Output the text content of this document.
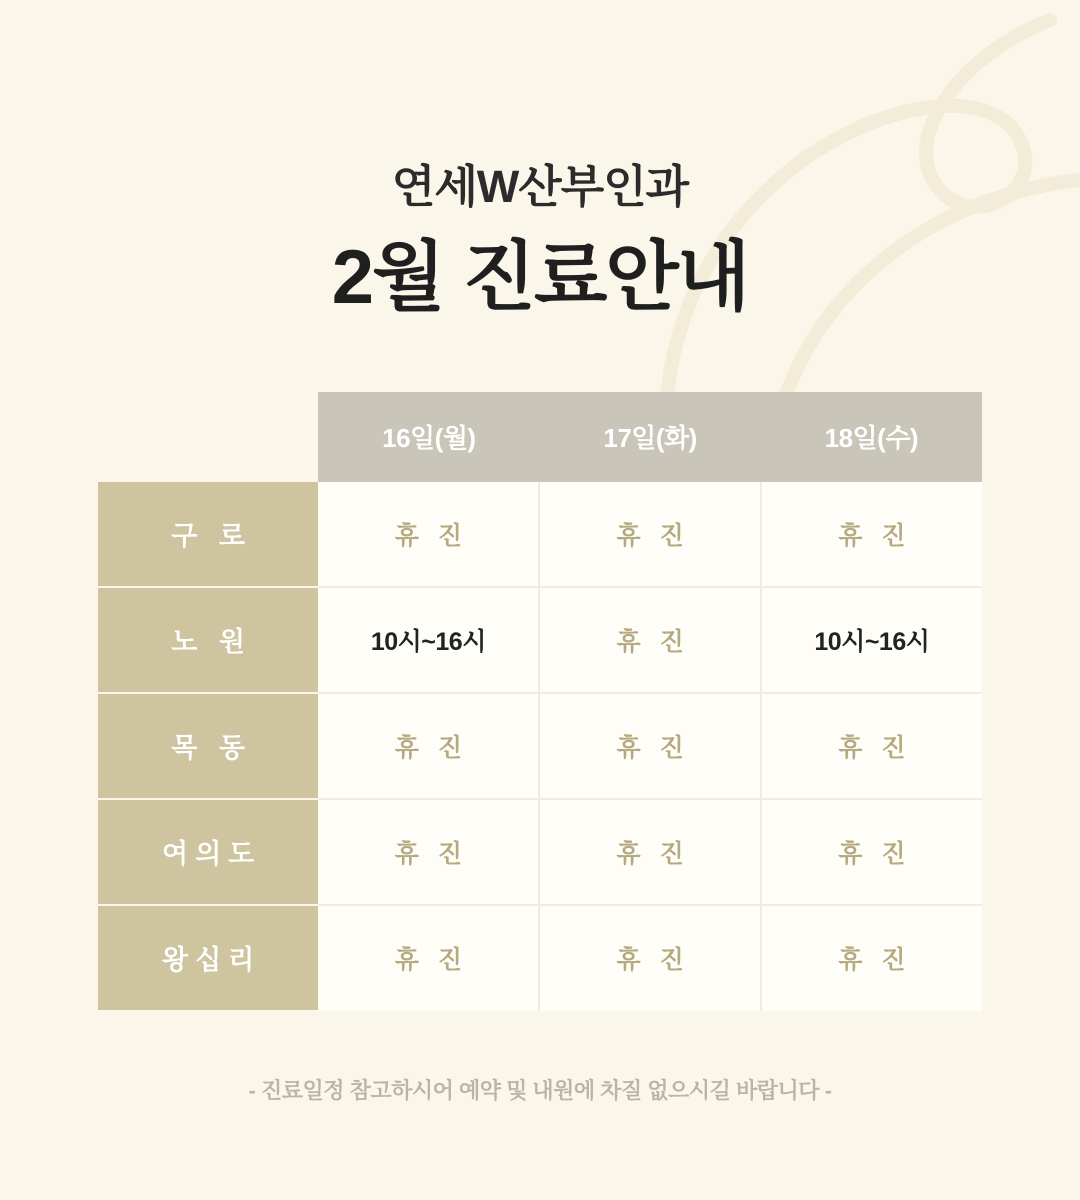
연세W산부인과
2월 진료안내
	16일(월)	17일(화)	18일(수)
구 로	휴 진	휴 진	휴 진
노 원	10시~16시	휴 진	10시~16시
목 동	휴 진	휴 진	휴 진
여의도	휴 진	휴 진	휴 진
왕십리	휴 진	휴 진	휴 진
- 진료일정 참고하시어 예약 및 내원에 차질 없으시길 바랍니다 -
